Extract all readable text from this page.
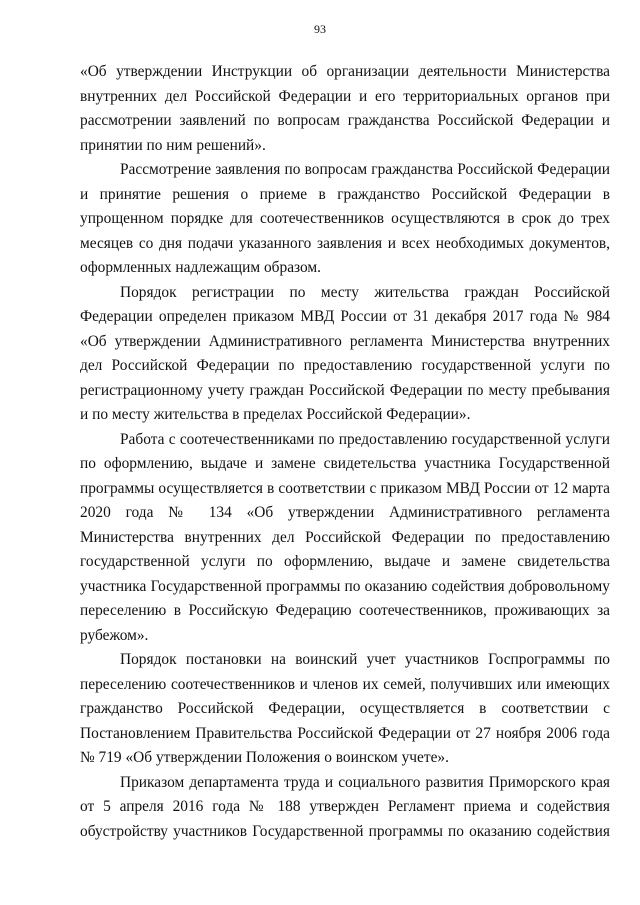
93

«Об утверждении Инструкции об организации деятельности Министерства внутренних дел Российской Федерации и его территориальных органов при рассмотрении заявлений по вопросам гражданства Российской Федерации и принятии по ним решений».

Рассмотрение заявления по вопросам гражданства Российской Федерации и принятие решения о приеме в гражданство Российской Федерации в упрощенном порядке для соотечественников осуществляются в срок до трех месяцев со дня подачи указанного заявления и всех необходимых документов, оформленных надлежащим образом.

Порядок регистрации по месту жительства граждан Российской Федерации определен приказом МВД России от 31 декабря 2017 года № 984 «Об утверждении Административного регламента Министерства внутренних дел Российской Федерации по предоставлению государственной услуги по регистрационному учету граждан Российской Федерации по месту пребывания и по месту жительства в пределах Российской Федерации».

Работа с соотечественниками по предоставлению государственной услуги по оформлению, выдаче и замене свидетельства участника Государственной программы осуществляется в соответствии с приказом МВД России от 12 марта 2020 года № 134 «Об утверждении Административного регламента Министерства внутренних дел Российской Федерации по предоставлению государственной услуги по оформлению, выдаче и замене свидетельства участника Государственной программы по оказанию содействия добровольному переселению в Российскую Федерацию соотечественников, проживающих за рубежом».

Порядок постановки на воинский учет участников Госпрограммы по переселению соотечественников и членов их семей, получивших или имеющих гражданство Российской Федерации, осуществляется в соответствии с Постановлением Правительства Российской Федерации от 27 ноября 2006 года № 719 «Об утверждении Положения о воинском учете».

Приказом департамента труда и социального развития Приморского края от 5 апреля 2016 года № 188 утвержден Регламент приема и содействия обустройству участников Государственной программы по оказанию содействия
